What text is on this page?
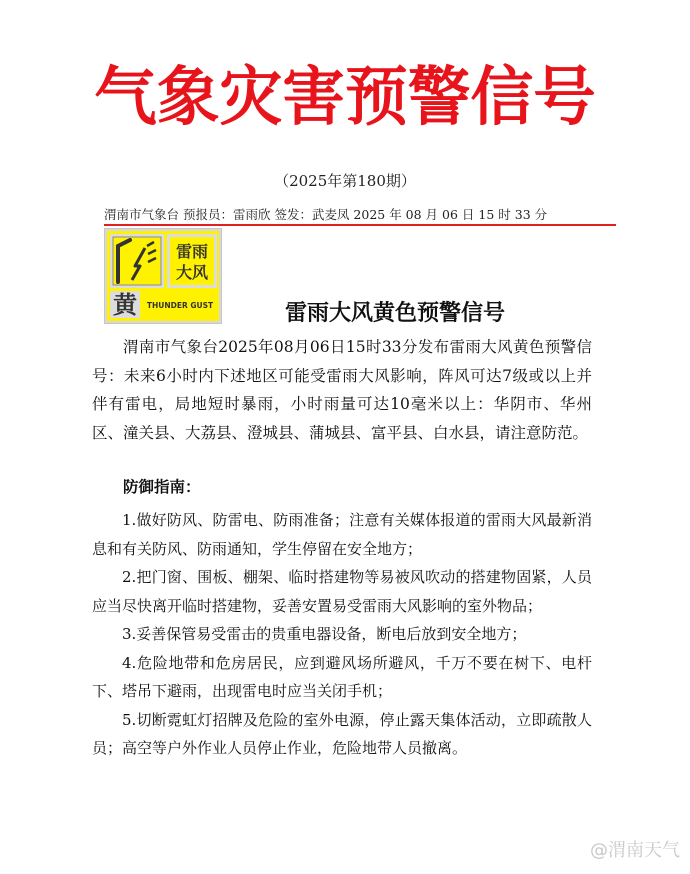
气象灾害预警信号
（2025年第180期）
渭南市气象台 预报员：雷雨欣 签发：武麦凤 2025 年 08 月 06 日 15 时 33 分
雷雨
大风
黄 THUNDER GUST	雷雨大风黄色预警信号

渭南市气象台2025年08月06日15时33分发布雷雨大风黄色预警信号：未来6小时内下述地区可能受雷雨大风影响，阵风可达7级或以上并伴有雷电，局地短时暴雨，小时雨量可达10毫米以上：华阴市、华州区、潼关县、大荔县、澄城县、蒲城县、富平县、白水县，请注意防范。

防御指南：

1.做好防风、防雷电、防雨准备；注意有关媒体报道的雷雨大风最新消息和有关防风、防雨通知，学生停留在安全地方；
2.把门窗、围板、棚架、临时搭建物等易被风吹动的搭建物固紧，人员应当尽快离开临时搭建物，妥善安置易受雷雨大风影响的室外物品；
3.妥善保管易受雷击的贵重电器设备，断电后放到安全地方；
4.危险地带和危房居民，应到避风场所避风，千万不要在树下、电杆下、塔吊下避雨，出现雷电时应当关闭手机；
5.切断霓虹灯招牌及危险的室外电源，停止露天集体活动，立即疏散人员；高空等户外作业人员停止作业，危险地带人员撤离。
@渭南天气
